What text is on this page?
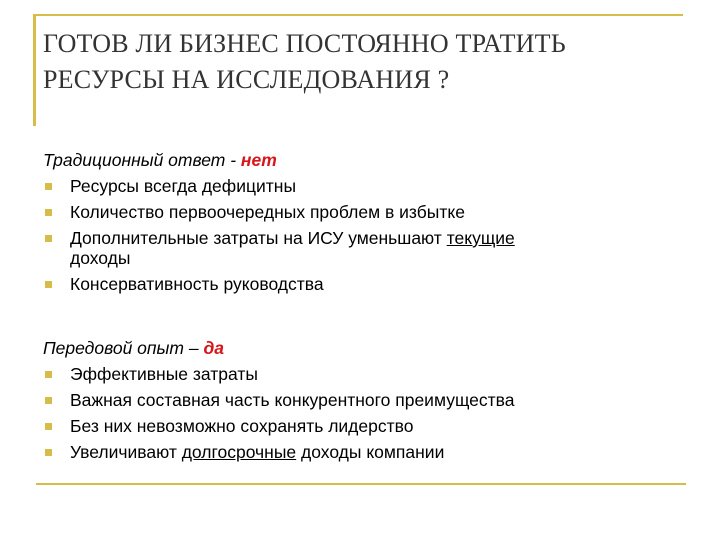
ГОТОВ ЛИ БИЗНЕС ПОСТОЯННО ТРАТИТЬ
РЕСУРСЫ НА ИССЛЕДОВАНИЯ ?
Традиционный ответ - нет
Ресурсы всегда дефицитны
Количество первоочередных проблем в избытке
Дополнительные затраты на ИСУ уменьшают текущие
доходы
Консервативность руководства
Передовой опыт – да
Эффективные затраты
Важная составная часть конкурентного преимущества
Без них невозможно сохранять лидерство
Увеличивают долгосрочные доходы компании
